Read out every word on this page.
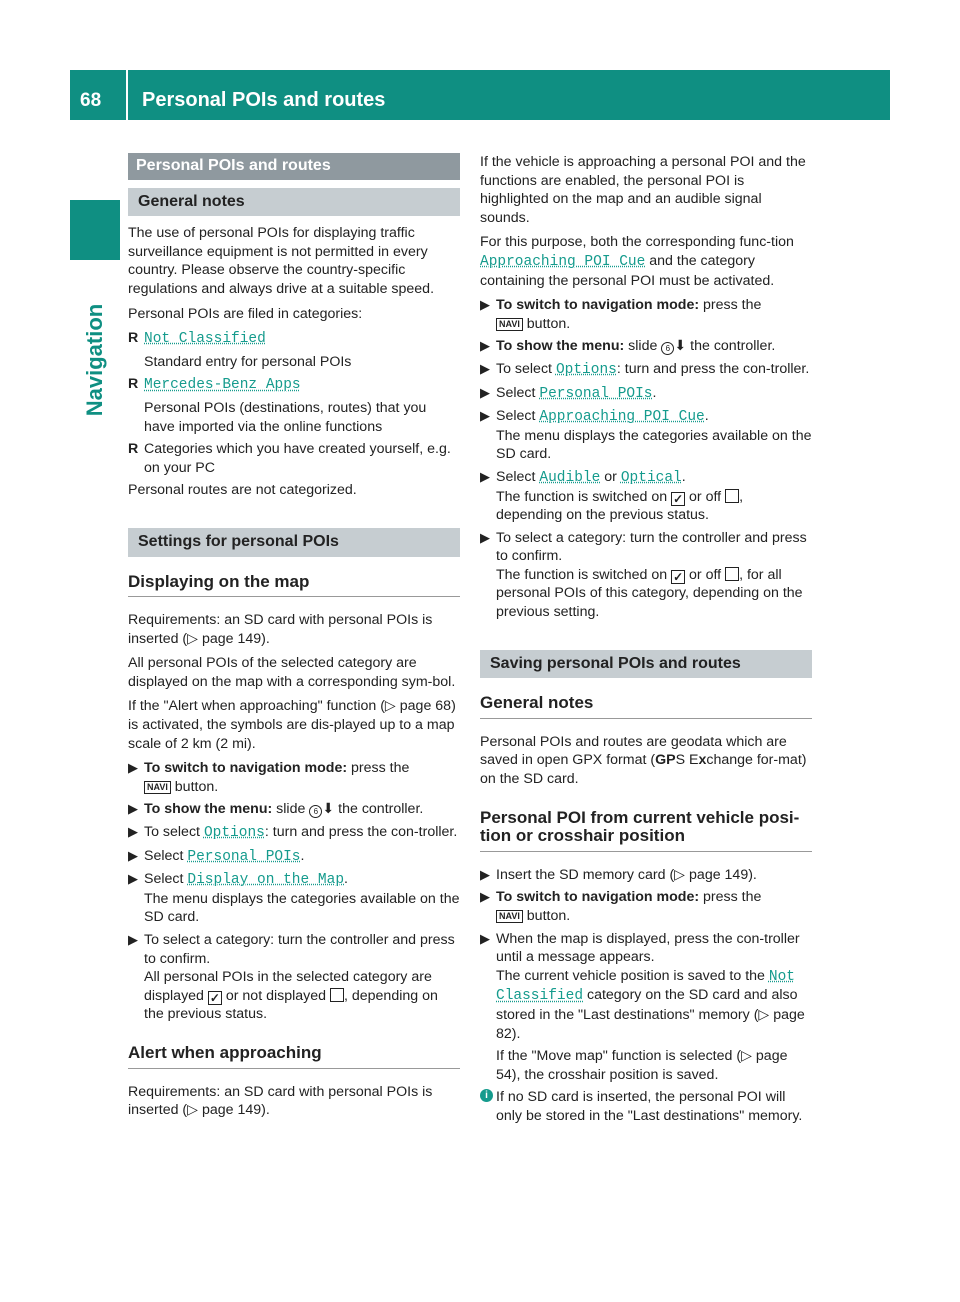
68 Personal POIs and routes
Navigation
Personal POIs and routes
General notes

The use of personal POIs for displaying traffic surveillance equipment is not permitted in every country. Please observe the country-specific regulations and always drive at a suitable speed.

Personal POIs are filed in categories:

R Not Classified
Standard entry for personal POIs
R Mercedes-Benz Apps
Personal POIs (destinations, routes) that you have imported via the online functions
R Categories which you have created yourself, e.g. on your PC

Personal routes are not categorized.

Settings for personal POIs
Displaying on the map

Requirements: an SD card with personal POIs is inserted (▷ page 149).

All personal POIs of the selected category are displayed on the map with a corresponding sym-bol.

If the "Alert when approaching" function (▷ page 68) is activated, the symbols are dis-played up to a map scale of 2 km (2 mi).

▶ To switch to navigation mode: press the
NAVI button.
▶ To show the menu: slide 6 ⬇ the controller.
▶ To select Options: turn and press the con-troller.
▶ Select Personal POIs.
▶ Select Display on the Map.
The menu displays the categories available on the SD card.
▶ To select a category: turn the controller and press to confirm.
All personal POIs in the selected category are displayed ✓ or not displayed , depending on the previous status.
Alert when approaching

Requirements: an SD card with personal POIs is inserted (▷ page 149).

If the vehicle is approaching a personal POI and the functions are enabled, the personal POI is highlighted on the map and an audible signal sounds.

For this purpose, both the corresponding func-tion Approaching POI Cue and the category containing the personal POI must be activated.

▶ To switch to navigation mode: press the
NAVI button.
▶ To show the menu: slide 6 ⬇ the controller.
▶ To select Options: turn and press the con-troller.
▶ Select Personal POIs.
▶ Select Approaching POI Cue.
The menu displays the categories available on the SD card.
▶ Select Audible or Optical.
The function is switched on ✓ or off , depending on the previous status.
▶ To select a category: turn the controller and press to confirm.
The function is switched on ✓ or off , for all personal POIs of this category, depending on the previous setting.
Saving personal POIs and routes
General notes

Personal POIs and routes are geodata which are saved in open GPX format (GPS Exchange for-mat) on the SD card.

Personal POI from current vehicle posi-tion or crosshair position
▶ Insert the SD memory card (▷ page 149).
▶ To switch to navigation mode: press the
NAVI button.
▶ When the map is displayed, press the con-troller until a message appears.
The current vehicle position is saved to the Not Classified category on the SD card and also stored in the "Last destinations" memory (▷ page 82).
If the "Move map" function is selected (▷ page 54), the crosshair position is saved.
i If no SD card is inserted, the personal POI will only be stored in the "Last destinations" memory.
